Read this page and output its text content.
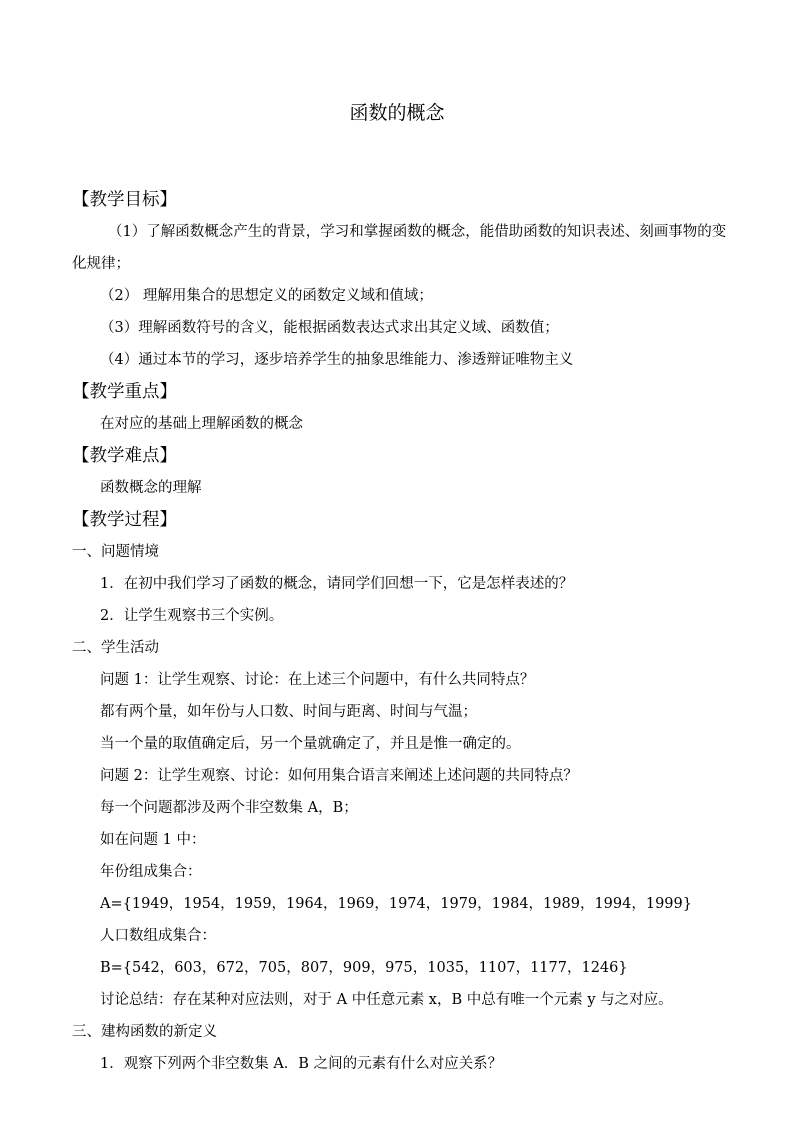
函数的概念
【教学目标】
（1）了解函数概念产生的背景，学习和掌握函数的概念，能借助函数的知识表述、刻画事物的变化规律；
（2） 理解用集合的思想定义的函数定义域和值域；
（3）理解函数符号的含义，能根据函数表达式求出其定义域、函数值；
（4）通过本节的学习，逐步培养学生的抽象思维能力、渗透辩证唯物主义
【教学重点】
在对应的基础上理解函数的概念
【教学难点】
函数概念的理解
【教学过程】
一、问题情境
1．在初中我们学习了函数的概念，请同学们回想一下，它是怎样表述的？
2．让学生观察书三个实例。
二、学生活动
问题 1：让学生观察、讨论：在上述三个问题中，有什么共同特点？
都有两个量，如年份与人口数、时间与距离、时间与气温；
当一个量的取值确定后，另一个量就确定了，并且是惟一确定的。
问题 2：让学生观察、讨论：如何用集合语言来阐述上述问题的共同特点？
每一个问题都涉及两个非空数集 A，B；
如在问题 1 中：
年份组成集合：
A={1949，1954，1959，1964，1969，1974，1979，1984，1989，1994，1999}
人口数组成集合：
B={542，603，672，705，807，909，975，1035，1107，1177，1246}
讨论总结：存在某种对应法则，对于 A 中任意元素 x，B 中总有唯一个元素 y 与之对应。
三、建构函数的新定义
1．观察下列两个非空数集 A．B 之间的元素有什么对应关系？
